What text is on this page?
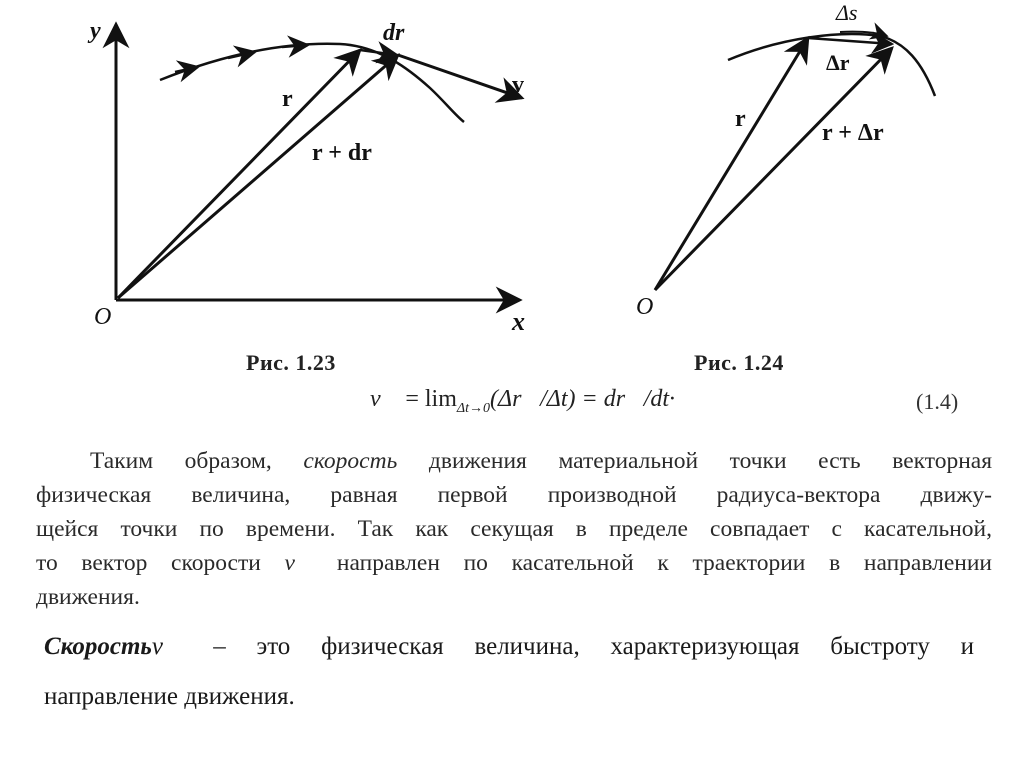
y
x
O
r
r + dr
dr
v
O
r
r + Δr
Δs
Δr
Рис. 1.23	Рис. 1.24
v⃗ = $\lim_{\Delta t\to 0}(\Delta r⃗/\Delta t)$ = dr⃗/dt·	(1.4)
Таким образом, скорость движения материальной точки есть векторная
физическая величина, равная первой производной радиуса-вектора движу-
щейся точки по времени. Так как секущая в пределе совпадает с касательной,
то вектор скорости v⃗ направлен по касательной к траектории в направлении
движения.
Скоростьv⃗ – это физическая величина, характеризующая быстроту и
направление движения.
